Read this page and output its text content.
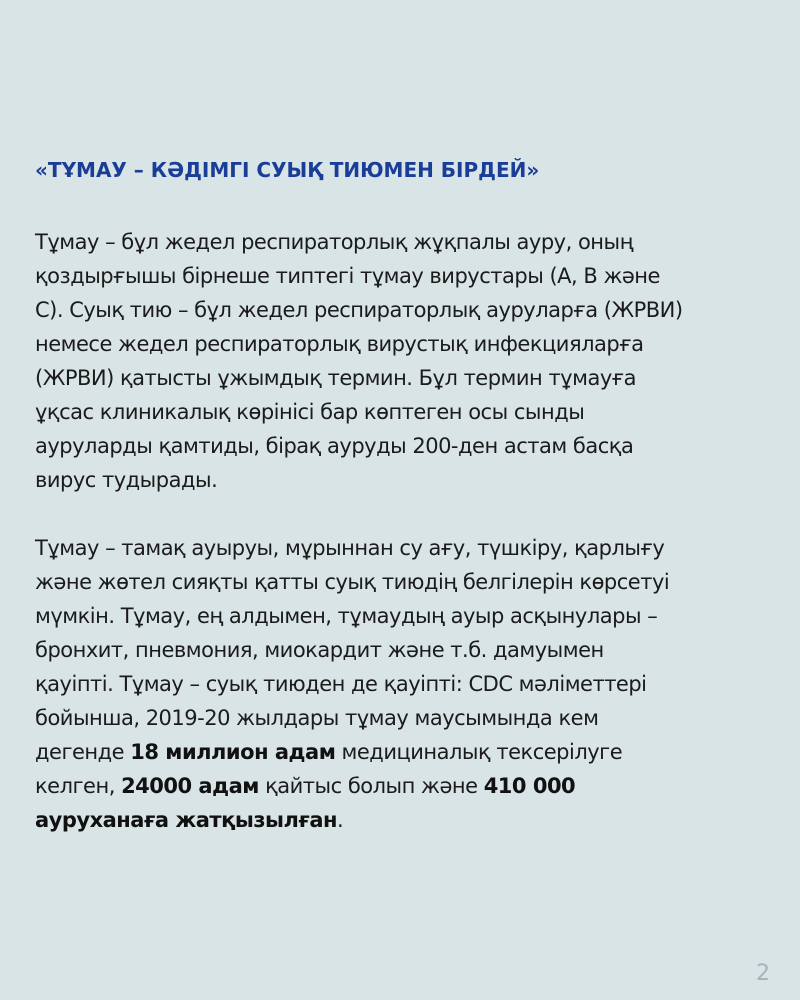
«ТҰМАУ – КӘДІМГІ СУЫҚ ТИЮМЕН БІРДЕЙ»
Тұмау – бұл жедел респираторлық жұқпалы ауру, оның
қоздырғышы бірнеше типтегі тұмау вирустары (А, В және
С). Суық тию – бұл жедел респираторлық ауруларға (ЖРВИ)
немесе жедел респираторлық вирустық инфекцияларға
(ЖРВИ) қатысты ұжымдық термин. Бұл термин тұмауға
ұқсас клиникалық көрінісі бар көптеген осы сынды
ауруларды қамтиды, бірақ ауруды 200-ден астам басқа
вирус тудырады.
Тұмау – тамақ ауыруы, мұрыннан су ағу, түшкіру, қарлығу
және жөтел сияқты қатты суық тиюдің белгілерін көрсетуі
мүмкін. Тұмау, ең алдымен, тұмаудың ауыр асқынулары –
бронхит, пневмония, миокардит және т.б. дамуымен
қауіпті. Тұмау – суық тиюден де қауіпті: CDC мәліметтері
бойынша, 2019-20 жылдары тұмау маусымында кем
дегенде 18 миллион адам медициналық тексерілуге
келген, 24000 адам қайтыс болып және 410 000
ауруханаға жатқызылған.
2
